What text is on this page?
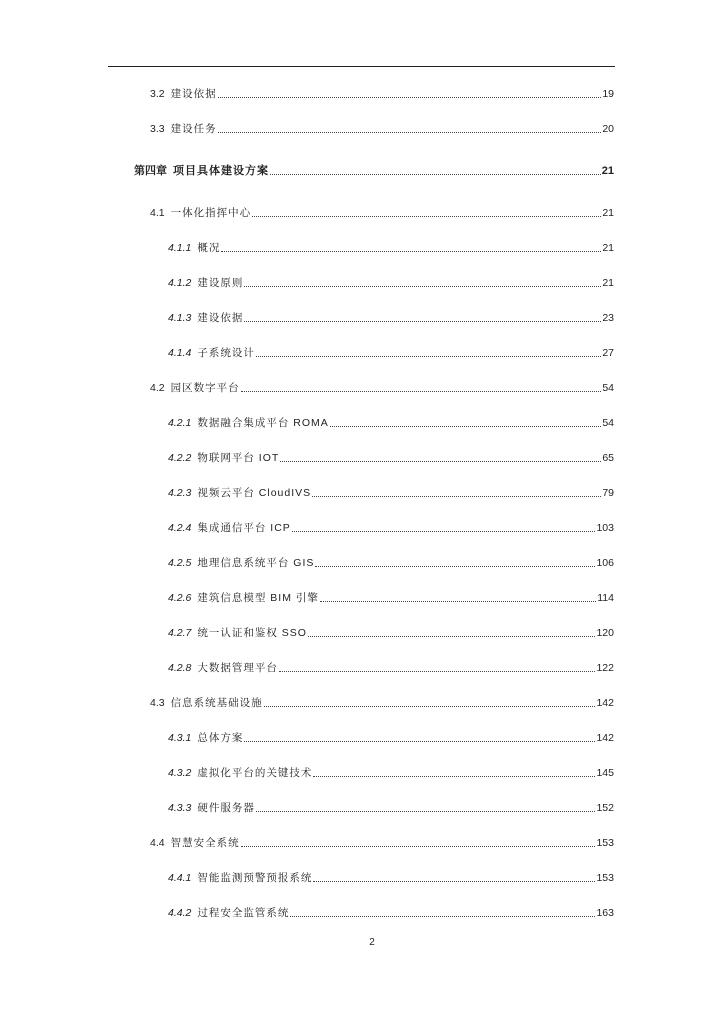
3.2 建设依据	19
3.3 建设任务	20
第四章 项目具体建设方案	21
4.1 一体化指挥中心	21
4.1.1 概况	21
4.1.2 建设原则	21
4.1.3 建设依据	23
4.1.4 子系统设计	27
4.2 园区数字平台	54
4.2.1 数据融合集成平台 ROMA	54
4.2.2 物联网平台 IOT	65
4.2.3 视频云平台 CloudIVS	79
4.2.4 集成通信平台 ICP	103
4.2.5 地理信息系统平台 GIS	106
4.2.6 建筑信息模型 BIM 引擎	114
4.2.7 统一认证和鉴权 SSO	120
4.2.8 大数据管理平台	122
4.3 信息系统基础设施	142
4.3.1 总体方案	142
4.3.2 虚拟化平台的关键技术	145
4.3.3 硬件服务器	152
4.4 智慧安全系统	153
4.4.1 智能监测预警预报系统	153
4.4.2 过程安全监管系统	163
2
